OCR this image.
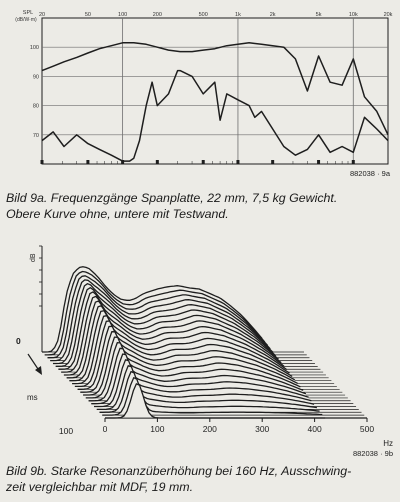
20	50	100	200	500	1k	2k	5k	10k	20k
100
90
80
70
SPL
(dB/W·m)
882038 · 9a
Bild 9a. Frequenzgänge Spanplatte, 22 mm, 7,5 kg Gewicht.
Obere Kurve ohne, untere mit Testwand.
0	100	200	300	400	500
0
100
dB
ms
Hz
882038 · 9b
Bild 9b. Starke Resonanzüberhöhung bei 160 Hz, Ausschwing-
zeit vergleichbar mit MDF, 19 mm.
